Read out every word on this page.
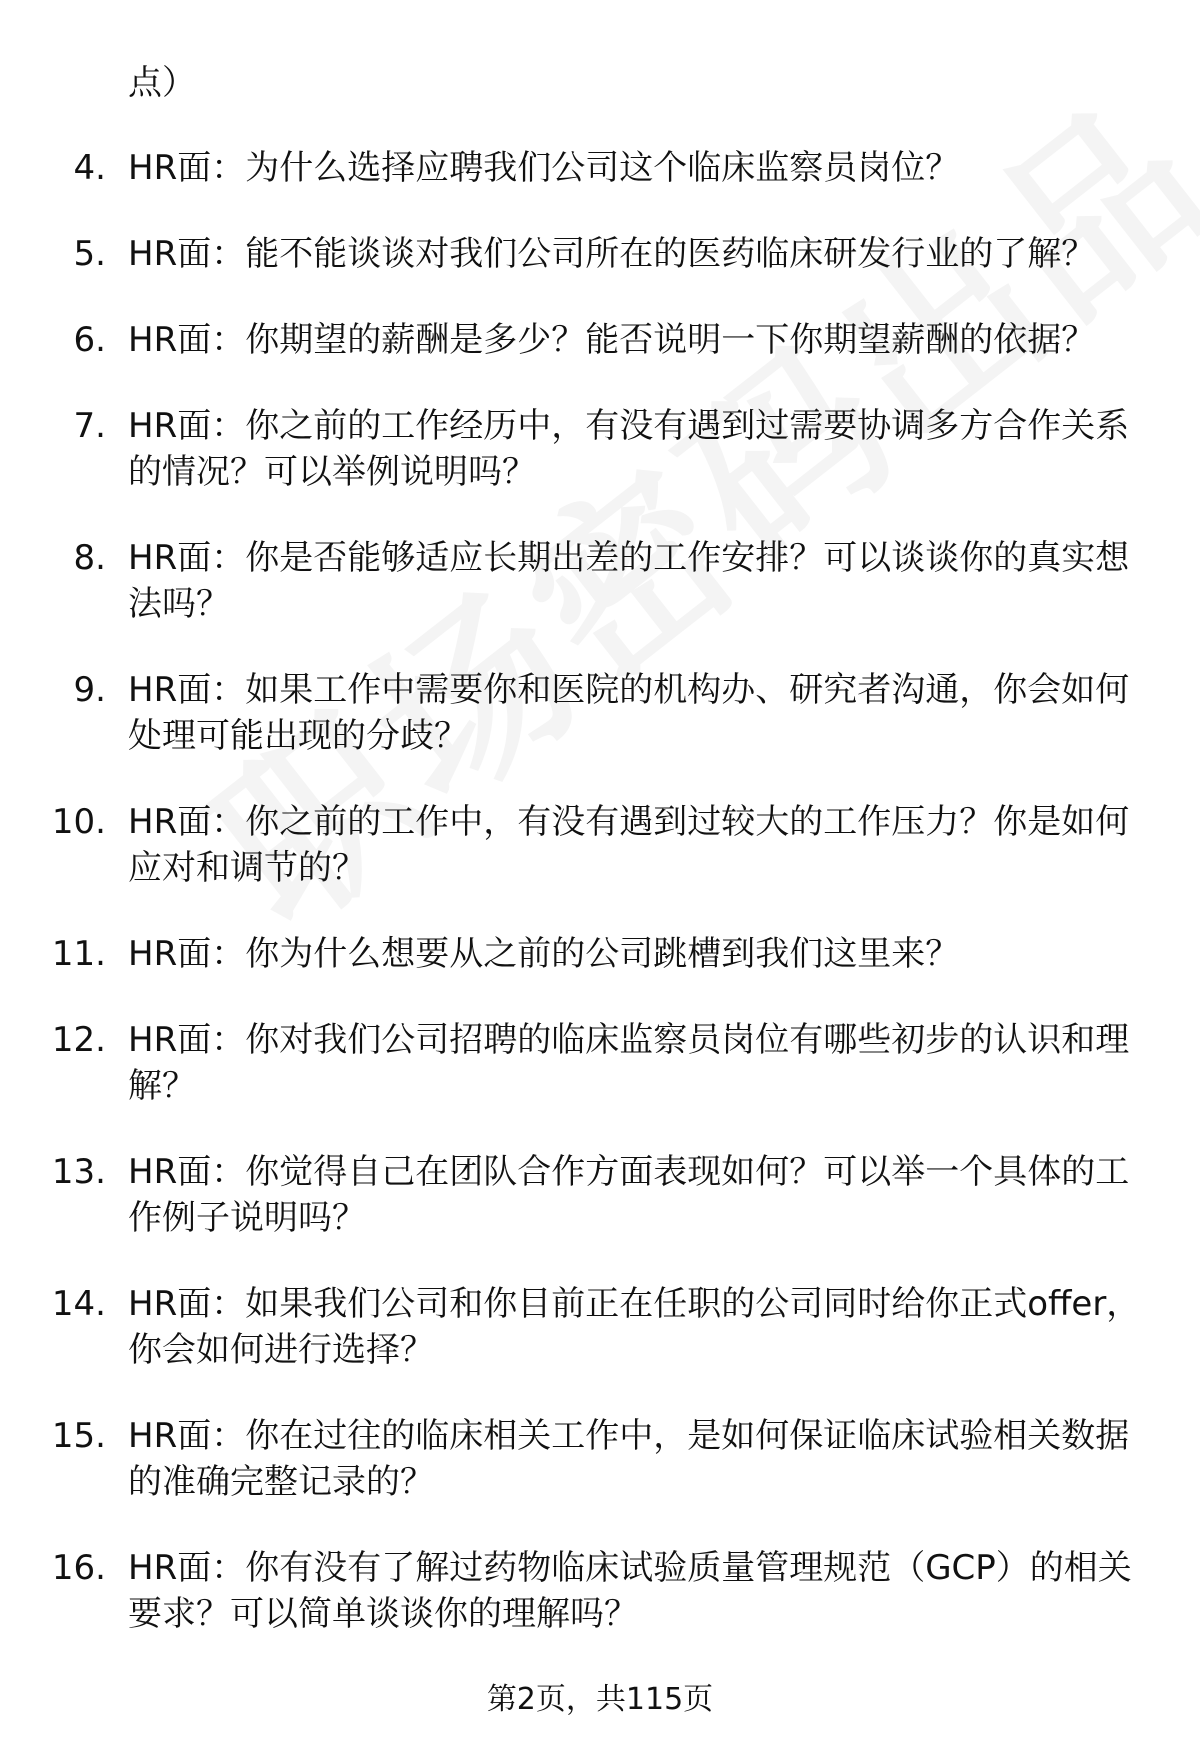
点）
4. HR面：为什么选择应聘我们公司这个临床监察员岗位？
5. HR面：能不能谈谈对我们公司所在的医药临床研发行业的了解？
6. HR面：你期望的薪酬是多少？能否说明一下你期望薪酬的依据？
7. HR面：你之前的工作经历中，有没有遇到过需要协调多方合作关系的情况？可以举例说明吗？
8. HR面：你是否能够适应长期出差的工作安排？可以谈谈你的真实想法吗？
9. HR面：如果工作中需要你和医院的机构办、研究者沟通，你会如何处理可能出现的分歧？
10. HR面：你之前的工作中，有没有遇到过较大的工作压力？你是如何应对和调节的？
11. HR面：你为什么想要从之前的公司跳槽到我们这里来？
12. HR面：你对我们公司招聘的临床监察员岗位有哪些初步的认识和理解？
13. HR面：你觉得自己在团队合作方面表现如何？可以举一个具体的工作例子说明吗？
14. HR面：如果我们公司和你目前正在任职的公司同时给你正式offer，你会如何进行选择？
15. HR面：你在过往的临床相关工作中，是如何保证临床试验相关数据的准确完整记录的？
16. HR面：你有没有了解过药物临床试验质量管理规范（GCP）的相关要求？可以简单谈谈你的理解吗？
第2页，共115页
